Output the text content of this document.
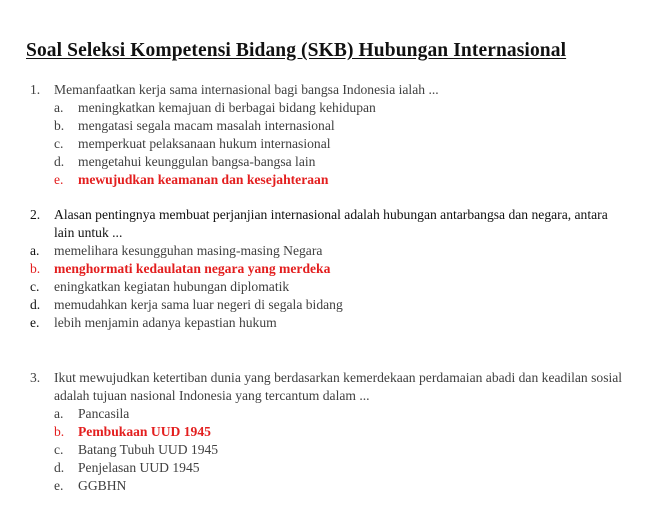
Soal Seleksi Kompetensi Bidang (SKB) Hubungan Internasional
1.	Memanfaatkan kerja sama internasional bagi bangsa Indonesia ialah ...
a.	meningkatkan kemajuan di berbagai bidang kehidupan
b.	mengatasi segala macam masalah internasional
c.	memperkuat pelaksanaan hukum internasional
d.	mengetahui keunggulan bangsa-bangsa lain
e.	mewujudkan keamanan dan kesejahteraan
2.	Alasan pentingnya membuat perjanjian internasional adalah hubungan antarbangsa dan negara, antara    lain untuk ...
a.	memelihara kesungguhan masing-masing Negara
b.	menghormati kedaulatan negara yang merdeka
c.	eningkatkan kegiatan hubungan diplomatik
d.	memudahkan kerja sama luar negeri di segala bidang
e.	lebih menjamin adanya kepastian hukum
3.	Ikut mewujudkan ketertiban dunia yang berdasarkan kemerdekaan perdamaian abadi dan keadilan sosial adalah tujuan nasional Indonesia yang tercantum dalam ...
a.	Pancasila
b.	Pembukaan UUD 1945
c.	Batang Tubuh UUD 1945
d.	Penjelasan UUD 1945
e.	GGBHN
